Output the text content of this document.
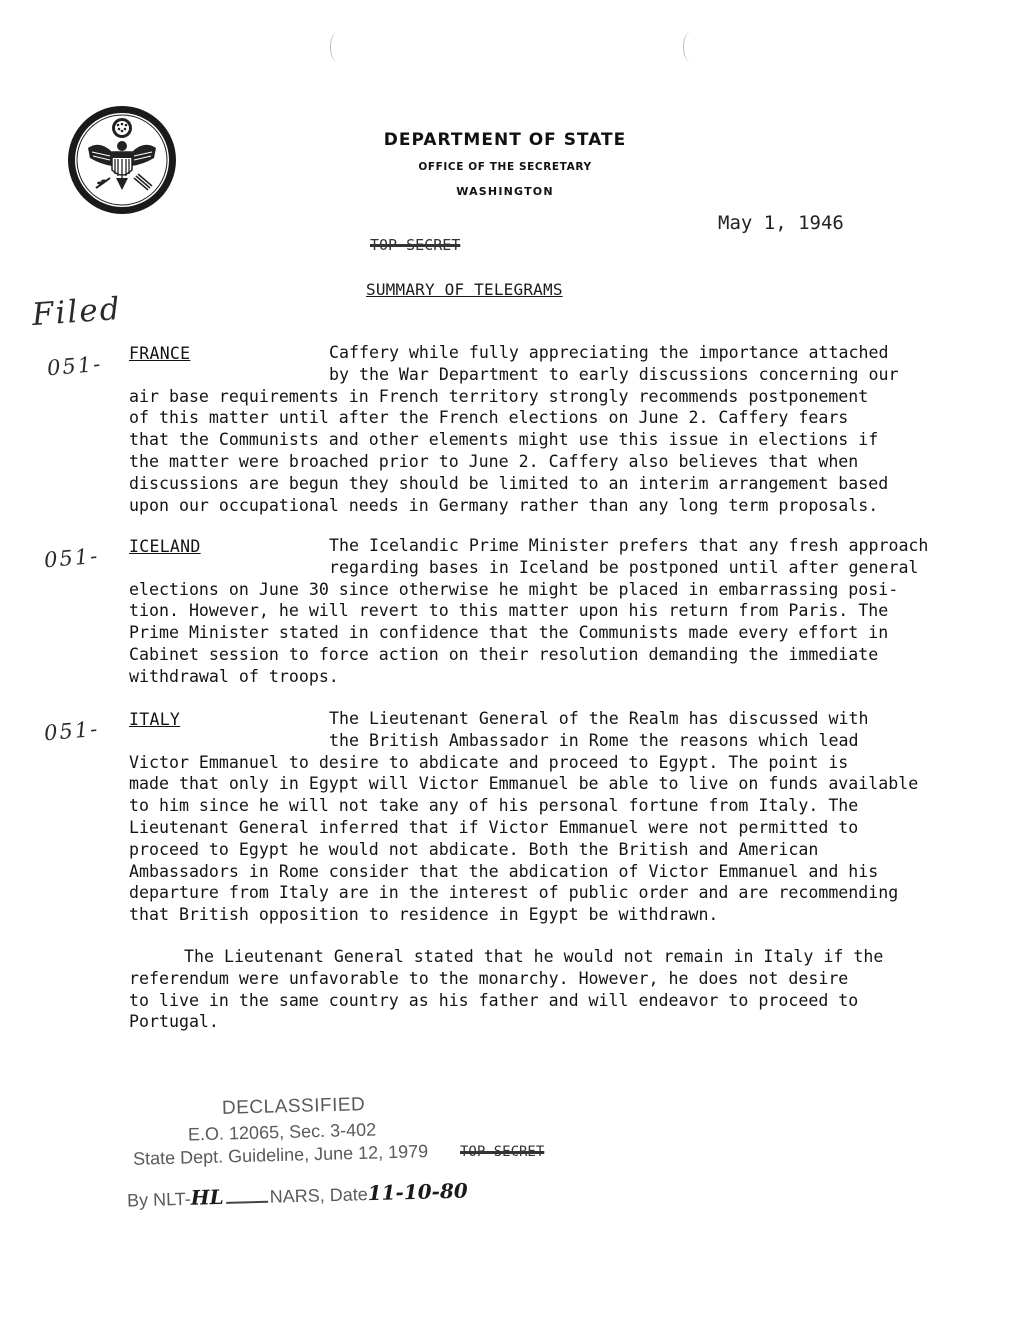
DEPARTMENT OF STATE
OFFICE OF THE SECRETARY
WASHINGTON
May 1, 1946
TOP SECRET
SUMMARY OF TELEGRAMS
Filed
051- FRANCE	Caffery while fully appreciating the importance attached
by the War Department to early discussions concerning our
air base requirements in French territory strongly recommends postponement
of this matter until after the French elections on June 2. Caffery fears
that the Communists and other elements might use this issue in elections if
the matter were broached prior to June 2. Caffery also believes that when
discussions are begun they should be limited to an interim arrangement based
upon our occupational needs in Germany rather than any long term proposals.
051- ICELAND	The Icelandic Prime Minister prefers that any fresh approach
regarding bases in Iceland be postponed until after general
elections on June 30 since otherwise he might be placed in embarrassing posi-
tion. However, he will revert to this matter upon his return from Paris. The
Prime Minister stated in confidence that the Communists made every effort in
Cabinet session to force action on their resolution demanding the immediate
withdrawal of troops.
051- ITALY	The Lieutenant General of the Realm has discussed with
the British Ambassador in Rome the reasons which lead
Victor Emmanuel to desire to abdicate and proceed to Egypt. The point is
made that only in Egypt will Victor Emmanuel be able to live on funds available
to him since he will not take any of his personal fortune from Italy. The
Lieutenant General inferred that if Victor Emmanuel were not permitted to
proceed to Egypt he would not abdicate. Both the British and American
Ambassadors in Rome consider that the abdication of Victor Emmanuel and his
departure from Italy are in the interest of public order and are recommending
that British opposition to residence in Egypt be withdrawn.
The Lieutenant General stated that he would not remain in Italy if the
referendum were unfavorable to the monarchy. However, he does not desire
to live in the same country as his father and will endeavor to proceed to
Portugal.
DECLASSIFIED
E.O. 12065, Sec. 3-402
State Dept. Guideline, June 12, 1979
By NLT-HL	NARS, Date11-10-80
TOP SECRET
